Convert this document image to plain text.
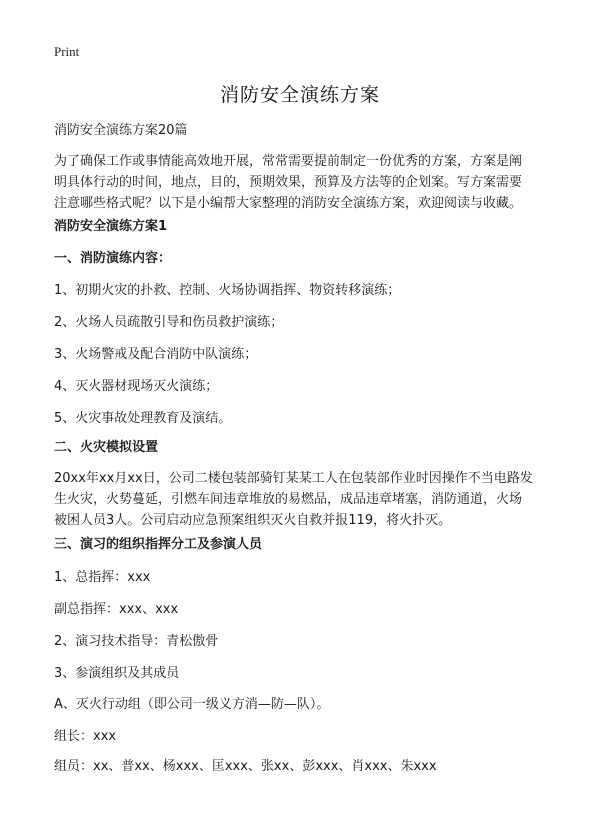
Print
消防安全演练方案
消防安全演练方案20篇
为了确保工作或事情能高效地开展，常常需要提前制定一份优秀的方案，方案是阐
明具体行动的时间，地点，目的，预期效果，预算及方法等的企划案。写方案需要
注意哪些格式呢？以下是小编帮大家整理的消防安全演练方案，欢迎阅读与收藏。
消防安全演练方案1
一、消防演练内容：
1、初期火灾的扑救、控制、火场协调指挥、物资转移演练；
2、火场人员疏散引导和伤员救护演练；
3、火场警戒及配合消防中队演练；
4、灭火器材现场灭火演练；
5、火灾事故处理教育及演结。
二、火灾模拟设置
20xx年xx月xx日，公司二楼包装部骑钉某某工人在包装部作业时因操作不当电路发
生火灾，火势蔓延，引燃车间违章堆放的易燃品，成品违章堵塞，消防通道，火场
被困人员3人。公司启动应急预案组织灭火自救并报119，将火扑灭。
三、演习的组织指挥分工及参演人员
1、总指挥：xxx
副总指挥：xxx、xxx
2、演习技术指导：青松傲骨
3、参演组织及其成员
A、灭火行动组（即公司一级义方消—防—队）。
组长：xxx
组员：xx、普xx、杨xxx、匡xxx、张xx、彭xxx、肖xxx、朱xxx
